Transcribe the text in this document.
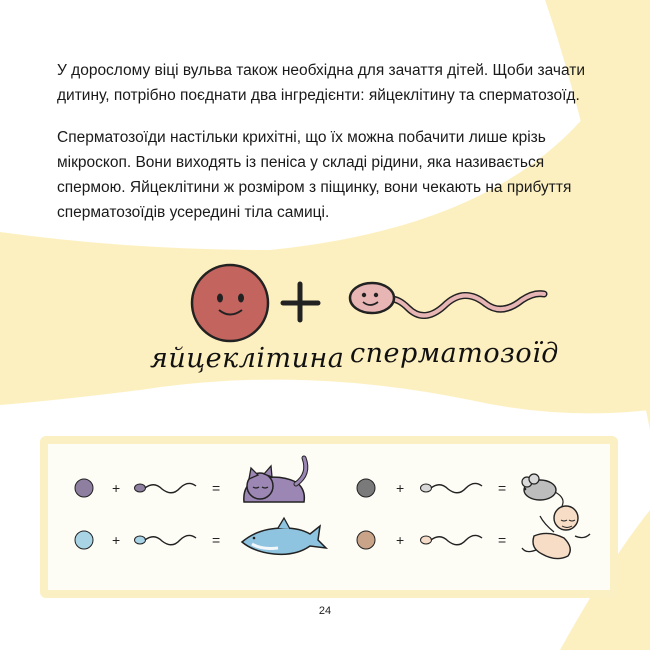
У дорослому віці вульва також необхідна для зачаття дітей. Щоби зачати дитину, потрібно поєднати два інгредієнти: яйцеклітину та сперматозоїд.

Сперматозоїди настільки крихітні, що їх можна побачити лише крізь мікроскоп. Вони виходять із пеніса у складі рідини, яка називається спермою. Яйцеклітини ж розміром з піщинку, вони чекають на прибуття сперматозоїдів усередині тіла самиці.

яйцеклітина сперматозоїд
+	=	+	=
+	=	+	=
24
